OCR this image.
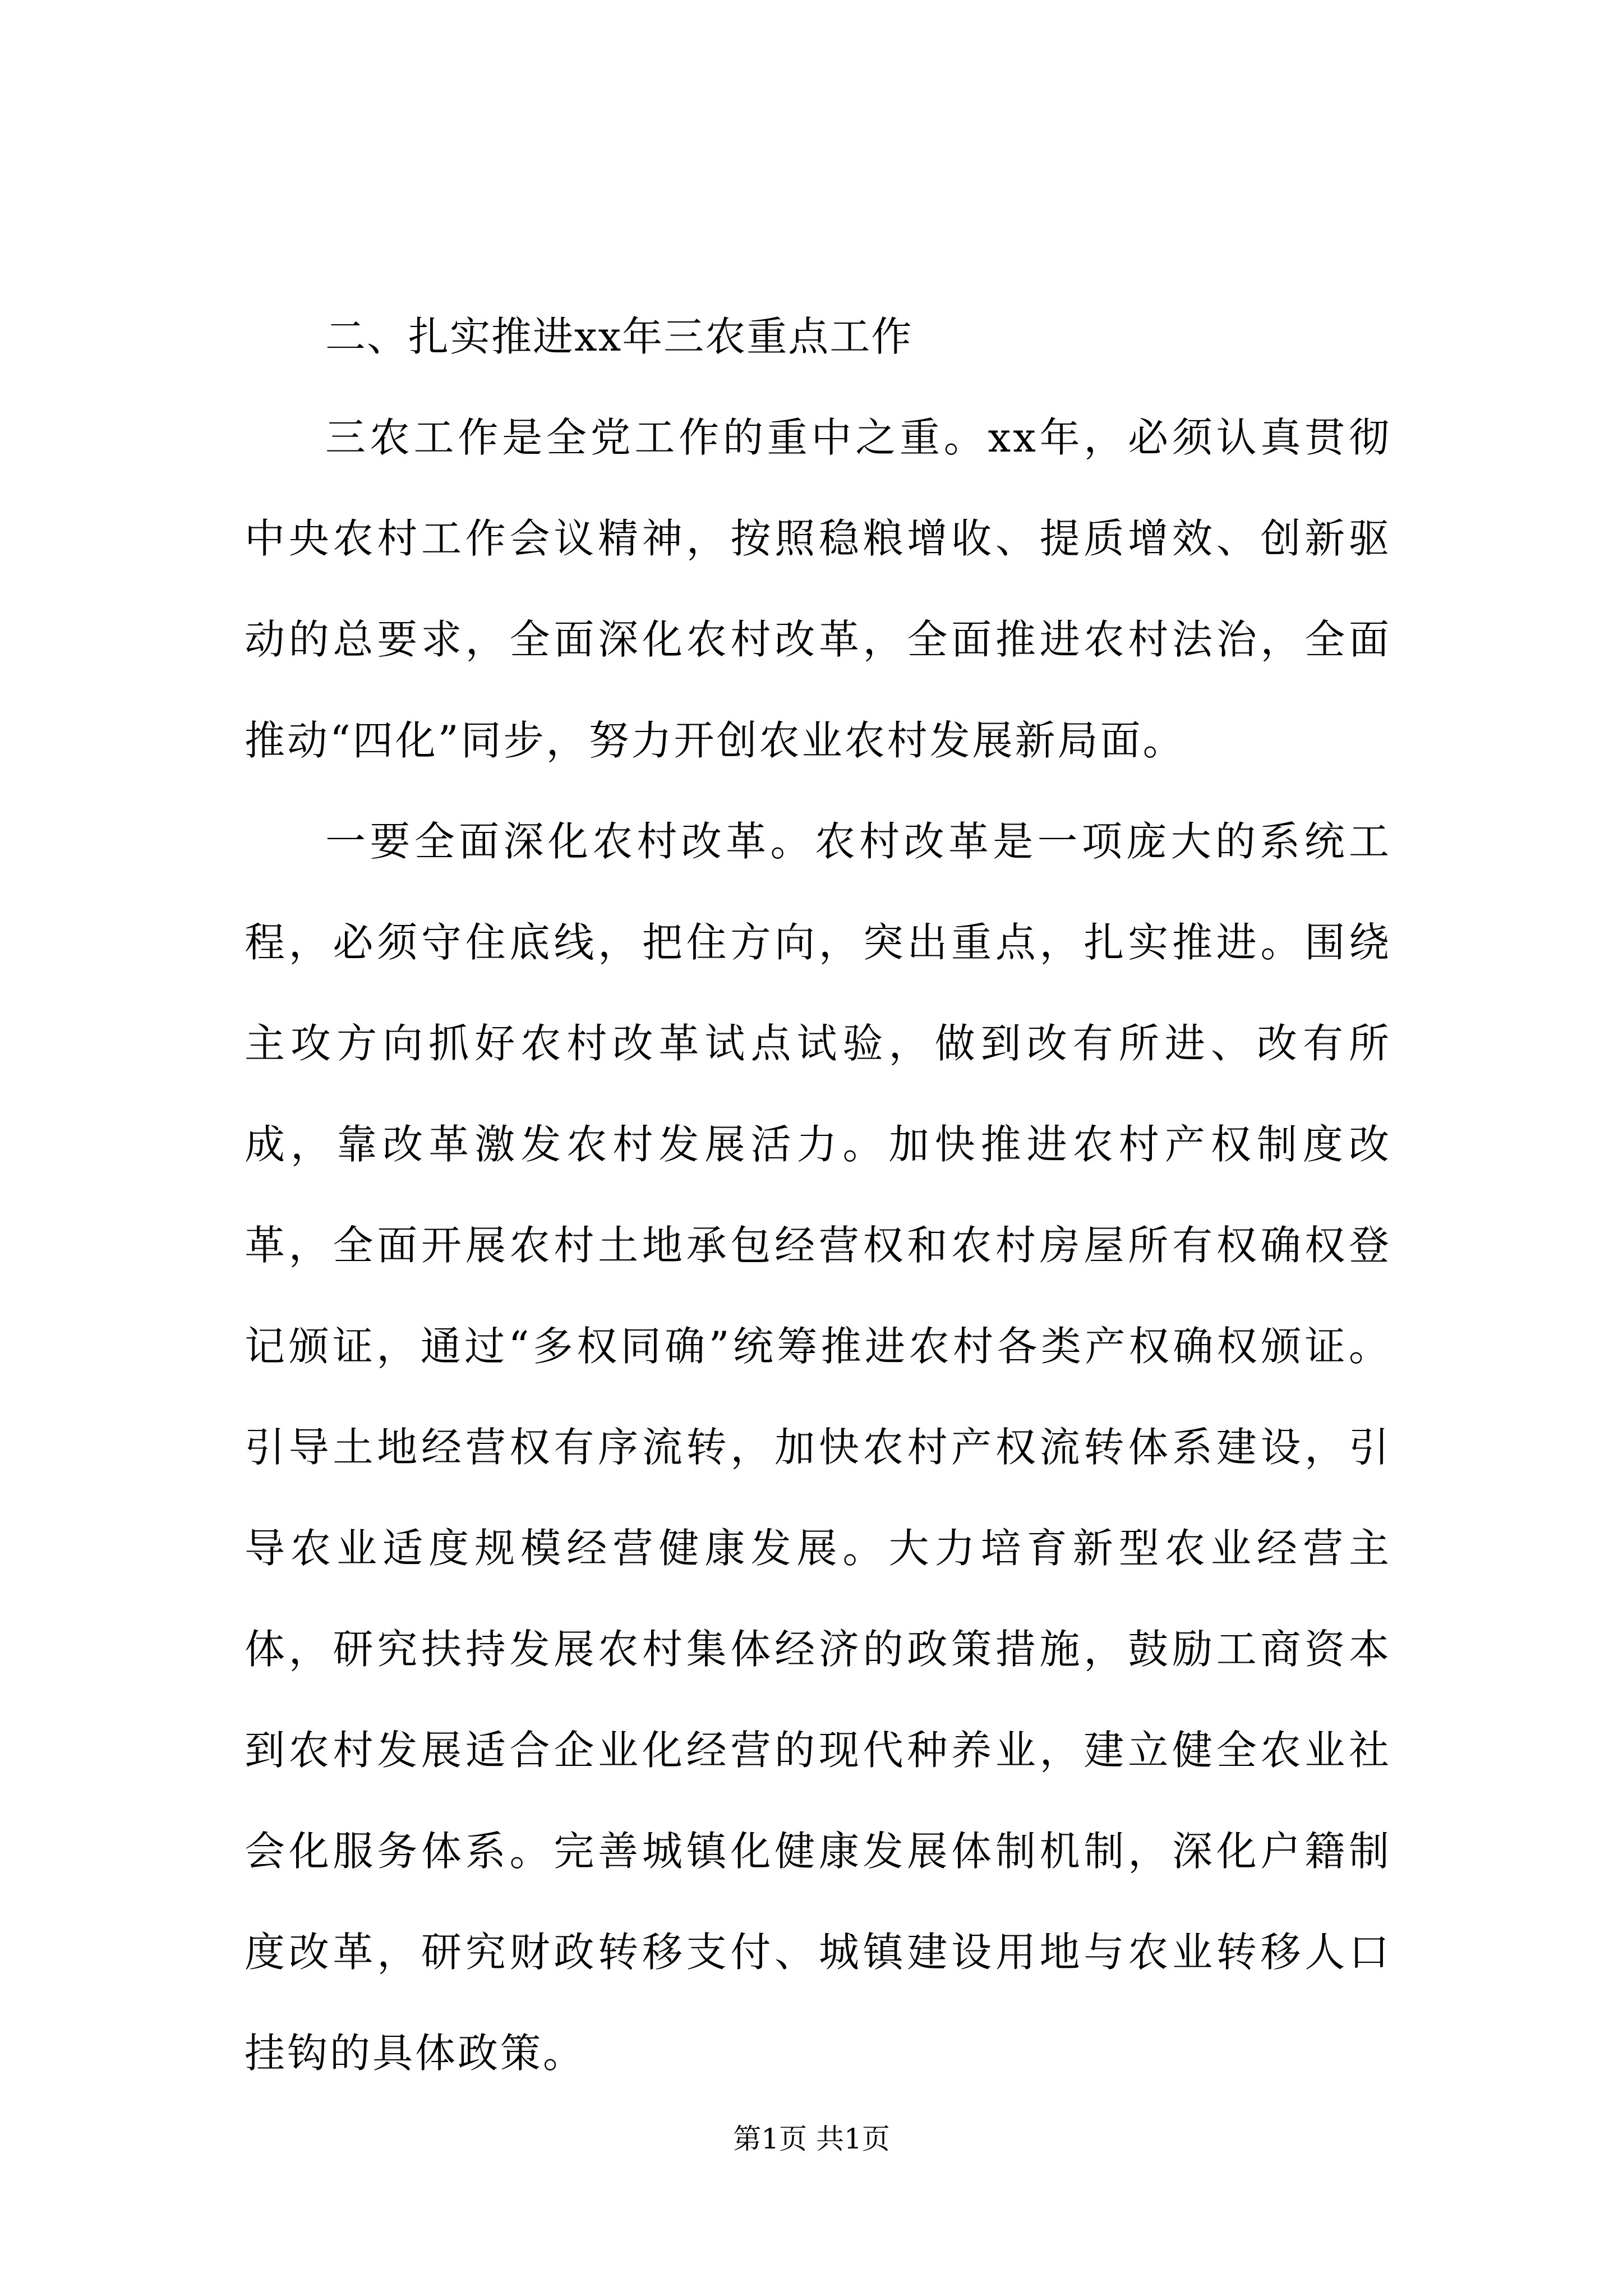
二、扎实推进xx年三农重点工作

三农工作是全党工作的重中之重。xx年，必须认真贯彻中央农村工作会议精神，按照稳粮增收、提质增效、创新驱动的总要求，全面深化农村改革，全面推进农村法治，全面推动“四化”同步，努力开创农业农村发展新局面。

一要全面深化农村改革。农村改革是一项庞大的系统工程，必须守住底线，把住方向，突出重点，扎实推进。围绕主攻方向抓好农村改革试点试验，做到改有所进、改有所成，靠改革激发农村发展活力。加快推进农村产权制度改革，全面开展农村土地承包经营权和农村房屋所有权确权登记颁证，通过“多权同确”统筹推进农村各类产权确权颁证。引导土地经营权有序流转，加快农村产权流转体系建设，引导农业适度规模经营健康发展。大力培育新型农业经营主体，研究扶持发展农村集体经济的政策措施，鼓励工商资本到农村发展适合企业化经营的现代种养业，建立健全农业社会化服务体系。完善城镇化健康发展体制机制，深化户籍制度改革，研究财政转移支付、城镇建设用地与农业转移人口挂钩的具体政策。

第1页 共1页
